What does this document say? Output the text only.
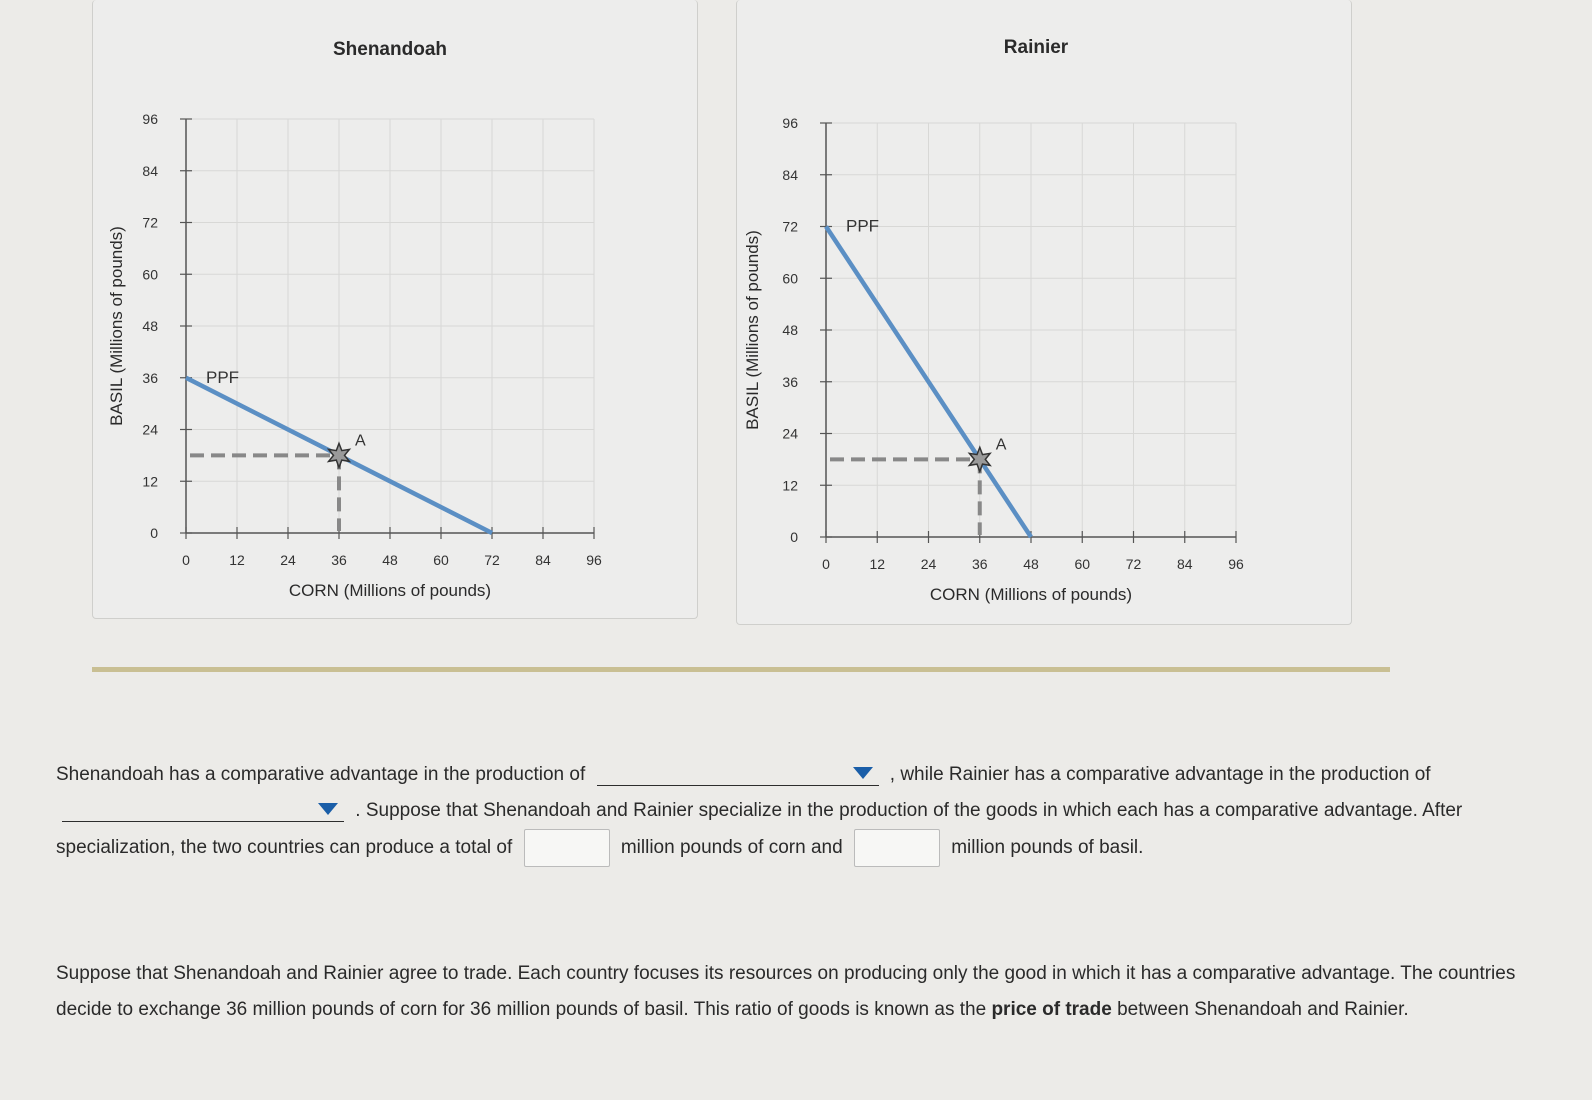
0	12	24	36	48	60	72	84	96
0
12
24
36
48
60
72
84
96
Shenandoah
CORN (Millions of pounds)
BASIL (Millions of pounds)	PPF
A
0	12	24	36	48	60	72	84	96
0
12
24
36
48
60
72
84
96
Rainier
CORN (Millions of pounds)
BASIL (Millions of pounds)
PPF
A
Shenandoah has a comparative advantage in the production of	, while Rainier has a comparative advantage in the production of
. Suppose that Shenandoah and Rainier specialize in the production of the goods in which each has a comparative advantage. After specialization, the two countries can produce a total of	million pounds of corn and	million pounds of basil.
Suppose that Shenandoah and Rainier agree to trade. Each country focuses its resources on producing only the good in which it has a comparative advantage. The countries decide to exchange 36 million pounds of corn for 36 million pounds of basil. This ratio of goods is known as the price of trade between Shenandoah and Rainier.
